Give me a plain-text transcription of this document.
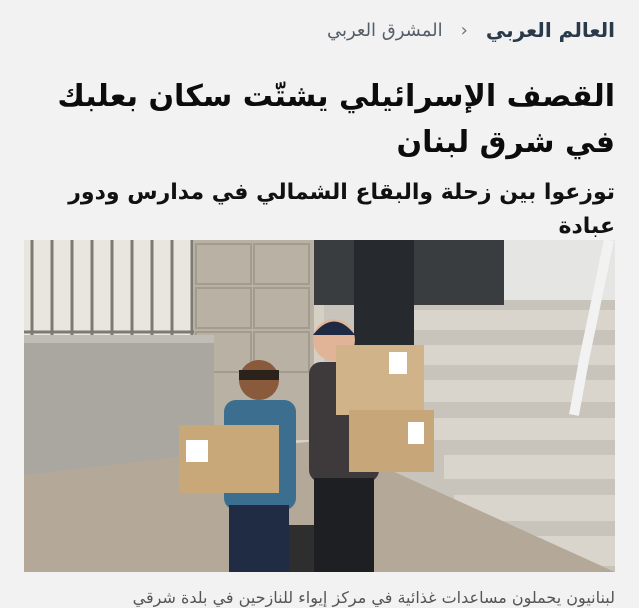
العالم العربي
›
المشرق العربي
القصف الإسرائيلي يشتّت سكان بعلبك في شرق لبنان
توزعوا بين زحلة والبقاع الشمالي في مدارس ودور عبادة
لبنانيون يحملون مساعدات غذائية في مركز إيواء للنازحين في بلدة شرقي
